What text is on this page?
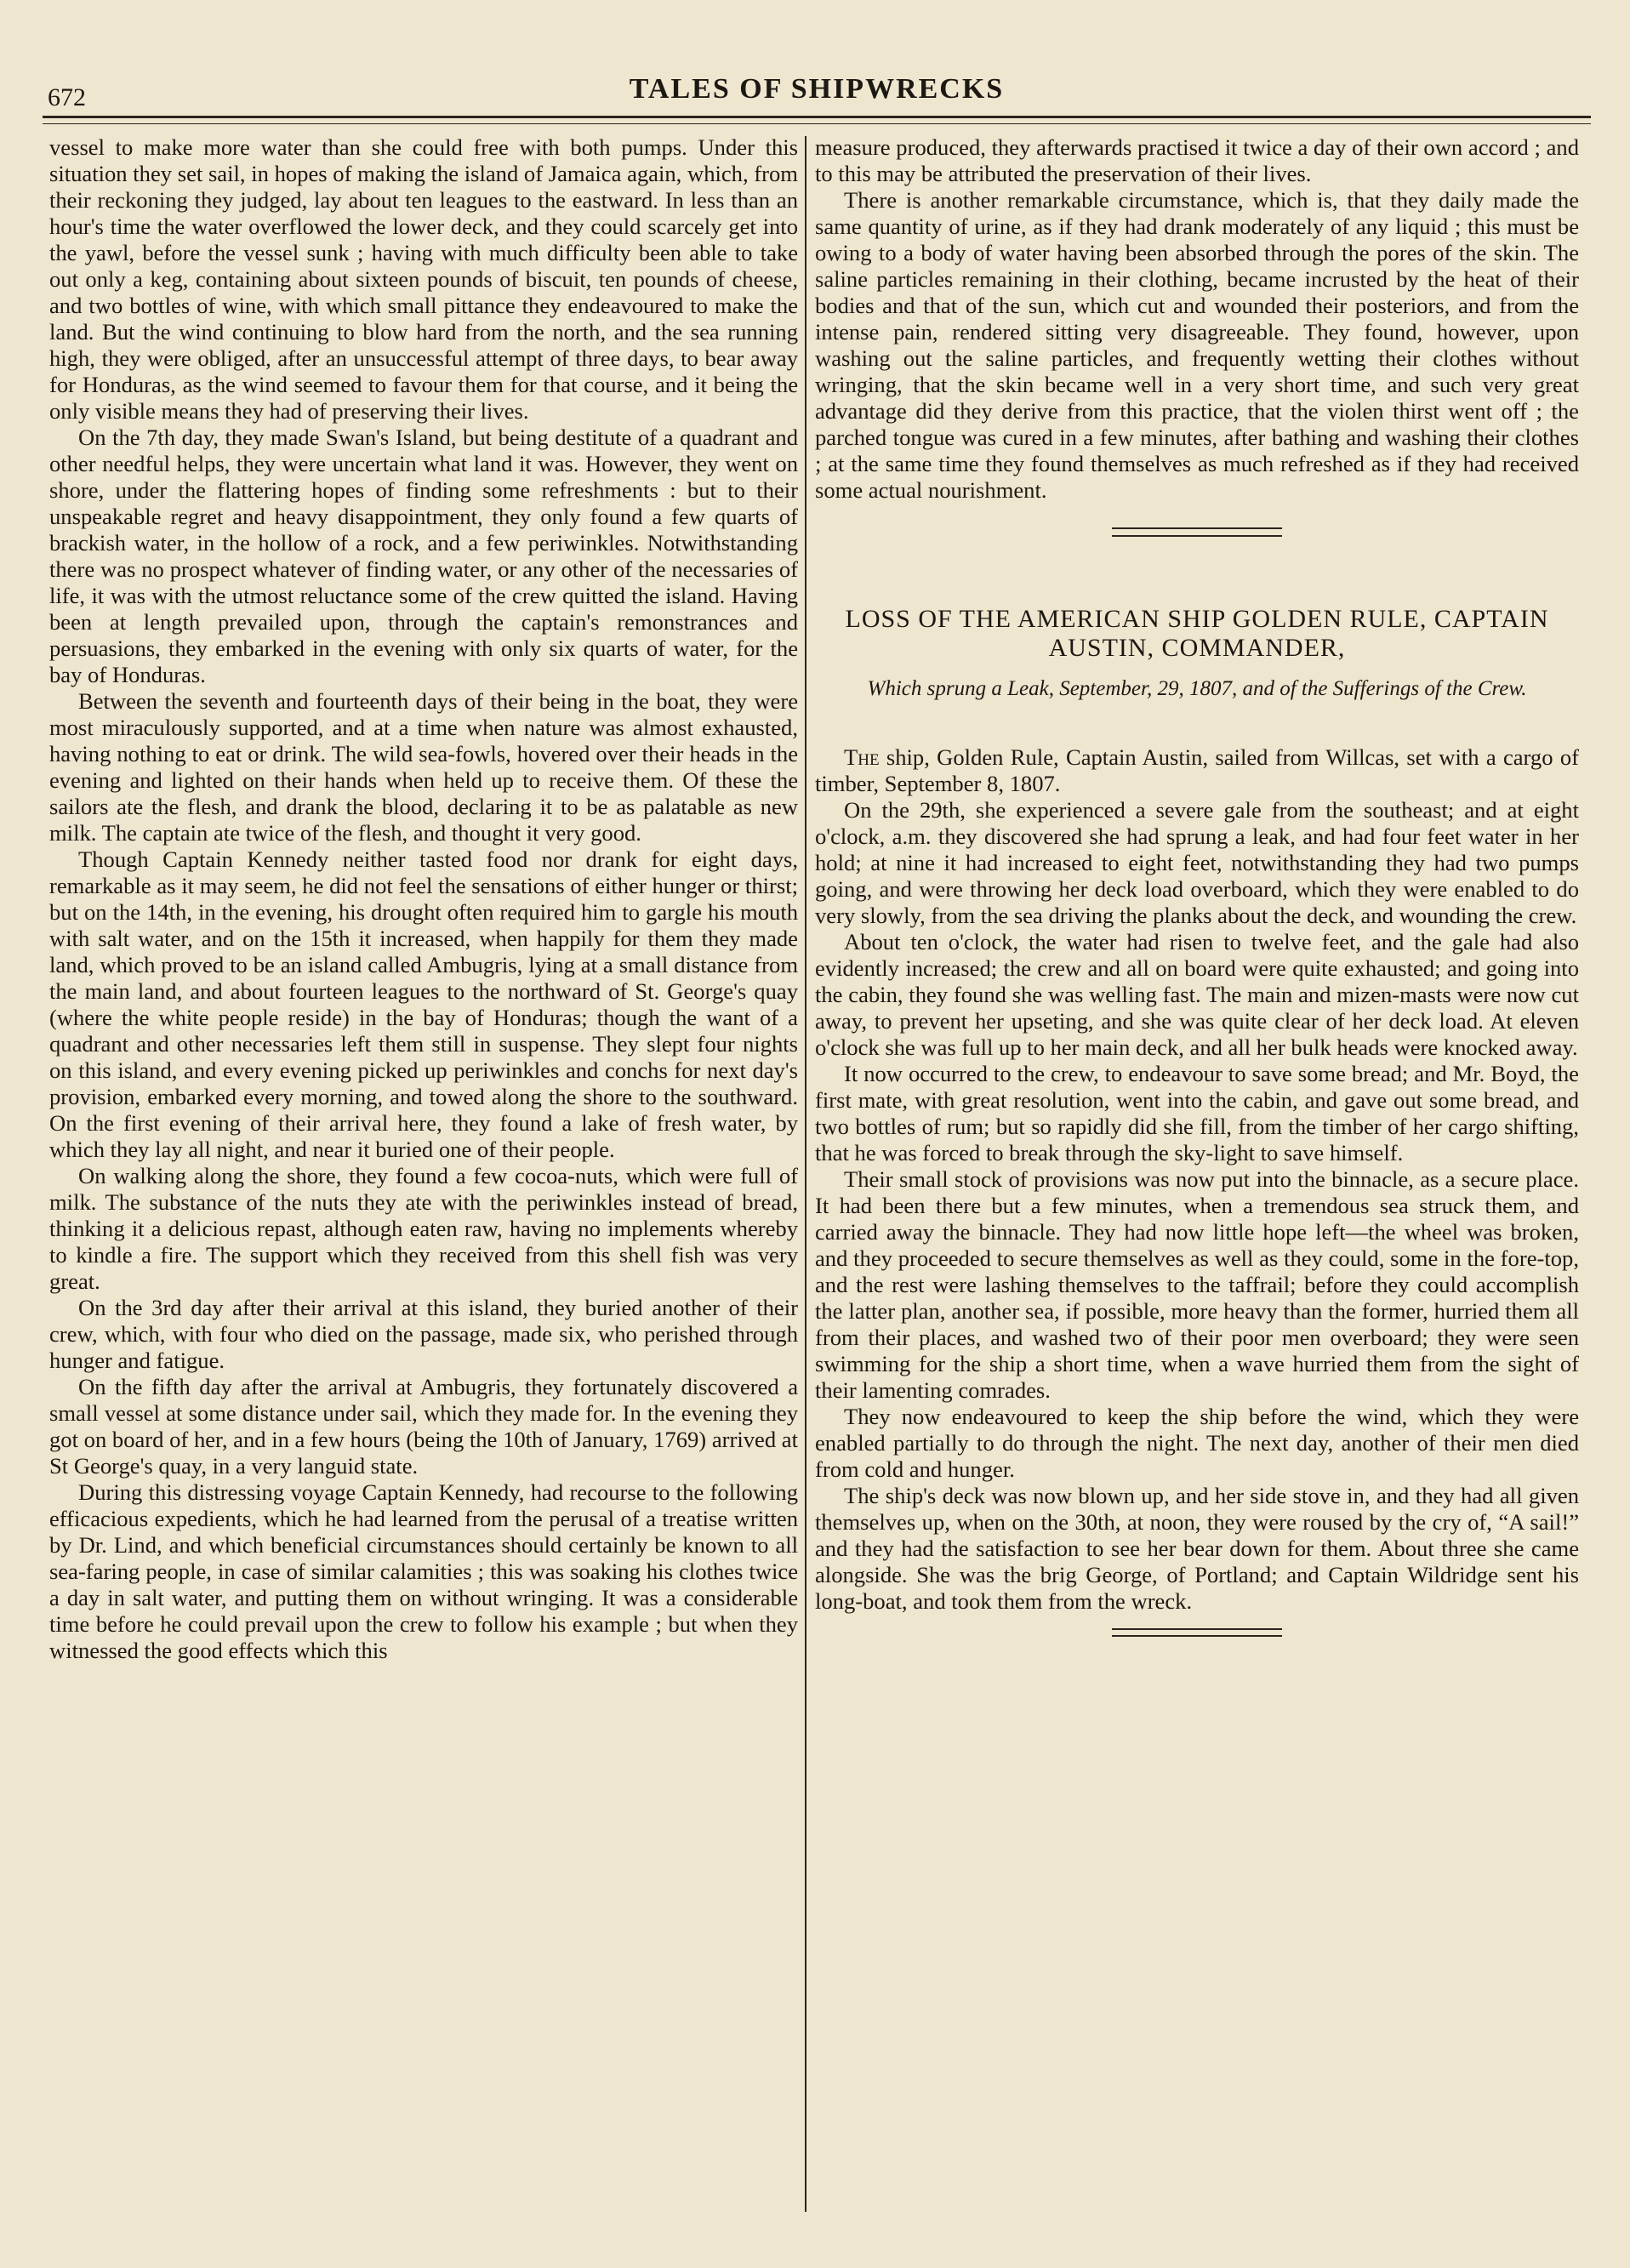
672	TALES OF SHIPWRECKS

vessel to make more water than she could free with both pumps. Under this situation they set sail, in hopes of making the island of Jamaica again, which, from their reckoning they judged, lay about ten leagues to the eastward. In less than an hour's time the water overflowed the lower deck, and they could scarcely get into the yawl, before the vessel sunk ; having with much difficulty been able to take out only a keg, containing about sixteen pounds of biscuit, ten pounds of cheese, and two bottles of wine, with which small pittance they endeavoured to make the land. But the wind continuing to blow hard from the north, and the sea running high, they were obliged, after an unsuccessful attempt of three days, to bear away for Honduras, as the wind seemed to favour them for that course, and it being the only visible means they had of preserving their lives.

On the 7th day, they made Swan's Island, but being destitute of a quadrant and other needful helps, they were uncertain what land it was. However, they went on shore, under the flattering hopes of finding some refreshments : but to their unspeakable regret and heavy disappointment, they only found a few quarts of brackish water, in the hollow of a rock, and a few periwinkles. Notwithstanding there was no prospect whatever of finding water, or any other of the necessaries of life, it was with the utmost reluctance some of the crew quitted the island. Having been at length prevailed upon, through the captain's remonstrances and persuasions, they embarked in the evening with only six quarts of water, for the bay of Honduras.

Between the seventh and fourteenth days of their being in the boat, they were most miraculously supported, and at a time when nature was almost exhausted, having nothing to eat or drink. The wild sea-fowls, hovered over their heads in the evening and lighted on their hands when held up to receive them. Of these the sailors ate the flesh, and drank the blood, declaring it to be as palatable as new milk. The captain ate twice of the flesh, and thought it very good.

Though Captain Kennedy neither tasted food nor drank for eight days, remarkable as it may seem, he did not feel the sensations of either hunger or thirst; but on the 14th, in the evening, his drought often required him to gargle his mouth with salt water, and on the 15th it increased, when happily for them they made land, which proved to be an island called Ambugris, lying at a small distance from the main land, and about fourteen leagues to the northward of St. George's quay (where the white people reside) in the bay of Honduras; though the want of a quadrant and other necessaries left them still in suspense. They slept four nights on this island, and every evening picked up periwinkles and conchs for next day's provision, embarked every morning, and towed along the shore to the southward. On the first evening of their arrival here, they found a lake of fresh water, by which they lay all night, and near it buried one of their people.

On walking along the shore, they found a few cocoa-nuts, which were full of milk. The substance of the nuts they ate with the periwinkles instead of bread, thinking it a delicious repast, although eaten raw, having no implements whereby to kindle a fire. The support which they received from this shell fish was very great.

On the 3rd day after their arrival at this island, they buried another of their crew, which, with four who died on the passage, made six, who perished through hunger and fatigue.

On the fifth day after the arrival at Ambugris, they fortunately discovered a small vessel at some distance under sail, which they made for. In the evening they got on board of her, and in a few hours (being the 10th of January, 1769) arrived at St George's quay, in a very languid state.

During this distressing voyage Captain Kennedy, had recourse to the following efficacious expedients, which he had learned from the perusal of a treatise written by Dr. Lind, and which beneficial circumstances should certainly be known to all sea-faring people, in case of similar calamities ; this was soaking his clothes twice a day in salt water, and putting them on without wringing. It was a considerable time before he could prevail upon the crew to follow his example ; but when they witnessed the good effects which this

measure produced, they afterwards practised it twice a day of their own accord ; and to this may be attributed the preservation of their lives.

There is another remarkable circumstance, which is, that they daily made the same quantity of urine, as if they had drank moderately of any liquid ; this must be owing to a body of water having been absorbed through the pores of the skin. The saline particles remaining in their clothing, became incrusted by the heat of their bodies and that of the sun, which cut and wounded their posteriors, and from the intense pain, rendered sitting very disagreeable. They found, however, upon washing out the saline particles, and frequently wetting their clothes without wringing, that the skin became well in a very short time, and such very great advantage did they derive from this practice, that the violen thirst went off ; the parched tongue was cured in a few minutes, after bathing and washing their clothes ; at the same time they found themselves as much refreshed as if they had received some actual nourishment.

LOSS OF THE AMERICAN SHIP GOLDEN RULE, CAPTAIN AUSTIN, COMMANDER,
Which sprung a Leak, September, 29, 1807, and of the Sufferings of the Crew.

The ship, Golden Rule, Captain Austin, sailed from Willcas, set with a cargo of timber, September 8, 1807.

On the 29th, she experienced a severe gale from the southeast; and at eight o'clock, a.m. they discovered she had sprung a leak, and had four feet water in her hold; at nine it had increased to eight feet, notwithstanding they had two pumps going, and were throwing her deck load overboard, which they were enabled to do very slowly, from the sea driving the planks about the deck, and wounding the crew.

About ten o'clock, the water had risen to twelve feet, and the gale had also evidently increased; the crew and all on board were quite exhausted; and going into the cabin, they found she was welling fast. The main and mizen-masts were now cut away, to prevent her upseting, and she was quite clear of her deck load. At eleven o'clock she was full up to her main deck, and all her bulk heads were knocked away.

It now occurred to the crew, to endeavour to save some bread; and Mr. Boyd, the first mate, with great resolution, went into the cabin, and gave out some bread, and two bottles of rum; but so rapidly did she fill, from the timber of her cargo shifting, that he was forced to break through the sky-light to save himself.

Their small stock of provisions was now put into the binnacle, as a secure place. It had been there but a few minutes, when a tremendous sea struck them, and carried away the binnacle. They had now little hope left—the wheel was broken, and they proceeded to secure themselves as well as they could, some in the fore-top, and the rest were lashing themselves to the taffrail; before they could accomplish the latter plan, another sea, if possible, more heavy than the former, hurried them all from their places, and washed two of their poor men overboard; they were seen swimming for the ship a short time, when a wave hurried them from the sight of their lamenting comrades.

They now endeavoured to keep the ship before the wind, which they were enabled partially to do through the night. The next day, another of their men died from cold and hunger.

The ship's deck was now blown up, and her side stove in, and they had all given themselves up, when on the 30th, at noon, they were roused by the cry of, “A sail!” and they had the satisfaction to see her bear down for them. About three she came alongside. She was the brig George, of Portland; and Captain Wildridge sent his long-boat, and took them from the wreck.
